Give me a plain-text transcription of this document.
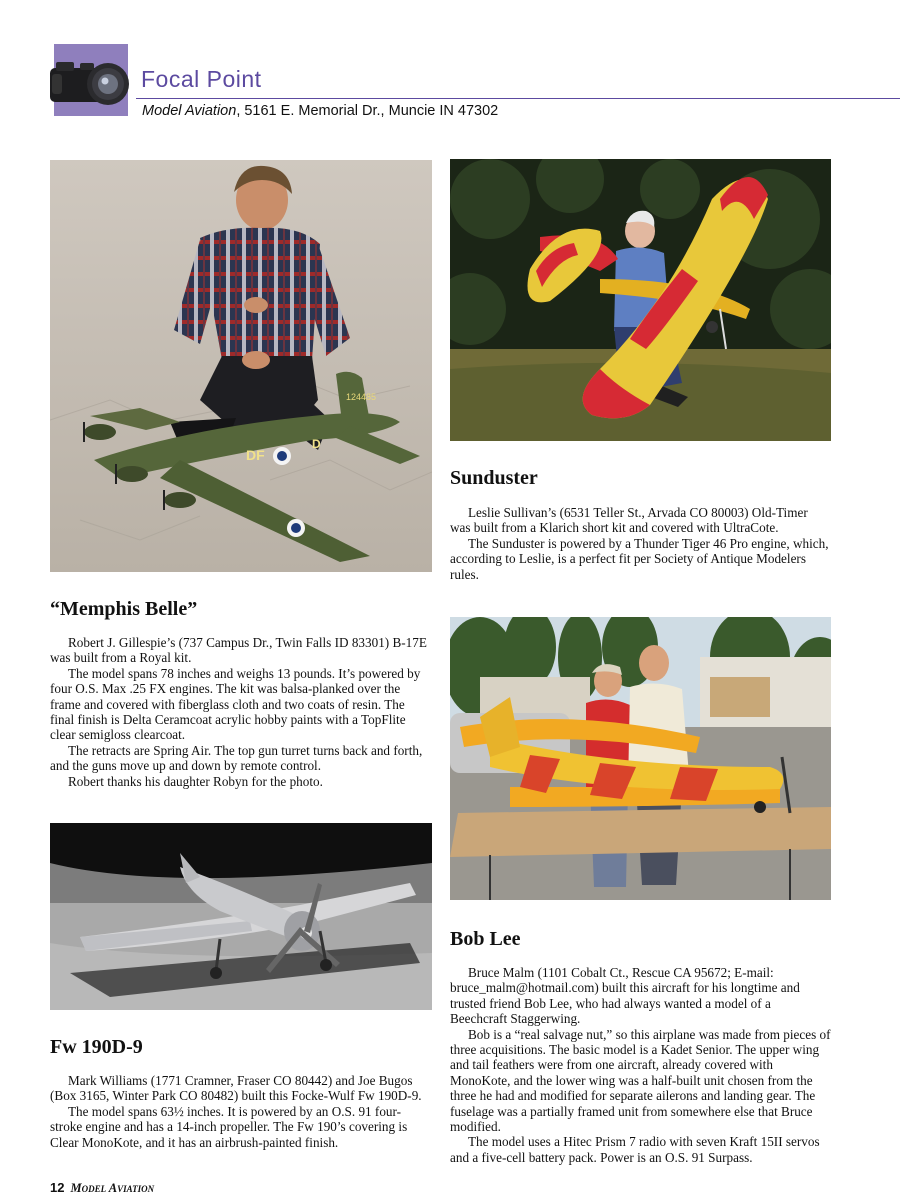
Focal Point
Model Aviation, 5161 E. Memorial Dr., Muncie IN 47302
124485
DF
D
“Memphis Belle”

Robert J. Gillespie’s (737 Campus Dr., Twin Falls ID 83301) B-17E was built from a Royal kit.

The model spans 78 inches and weighs 13 pounds. It’s powered by four O.S. Max .25 FX engines. The kit was balsa-planked over the frame and covered with fiberglass cloth and two coats of resin. The final finish is Delta Ceramcoat acrylic hobby paints with a TopFlite clear semigloss clearcoat.

The retracts are Spring Air. The top gun turret turns back and forth, and the guns move up and down by remote control.

Robert thanks his daughter Robyn for the photo.

Sunduster

Leslie Sullivan’s (6531 Teller St., Arvada CO 80003) Old-Timer was built from a Klarich short kit and covered with UltraCote.

The Sunduster is powered by a Thunder Tiger 46 Pro engine, which, according to Leslie, is a perfect fit per Society of Antique Modelers rules.

Fw 190D-9

Mark Williams (1771 Cramner, Fraser CO 80442) and Joe Bugos (Box 3165, Winter Park CO 80482) built this Focke-Wulf Fw 190D-9.

The model spans 63½ inches. It is powered by an O.S. 91 four-stroke engine and has a 14-inch propeller. The Fw 190’s covering is Clear MonoKote, and it has an airbrush-painted finish.

Bob Lee

Bruce Malm (1101 Cobalt Ct., Rescue CA 95672; E-mail: bruce_malm@hotmail.com) built this aircraft for his longtime and trusted friend Bob Lee, who had always wanted a model of a Beechcraft Staggerwing.

Bob is a “real salvage nut,” so this airplane was made from pieces of three acquisitions. The basic model is a Kadet Senior. The upper wing and tail feathers were from one aircraft, already covered with MonoKote, and the lower wing was a half-built unit chosen from the three he had and modified for separate ailerons and landing gear. The fuselage was a partially framed unit from somewhere else that Bruce modified.

The model uses a Hitec Prism 7 radio with seven Kraft 15II servos and a five-cell battery pack. Power is an O.S. 91 Surpass.

12 Model Aviation
